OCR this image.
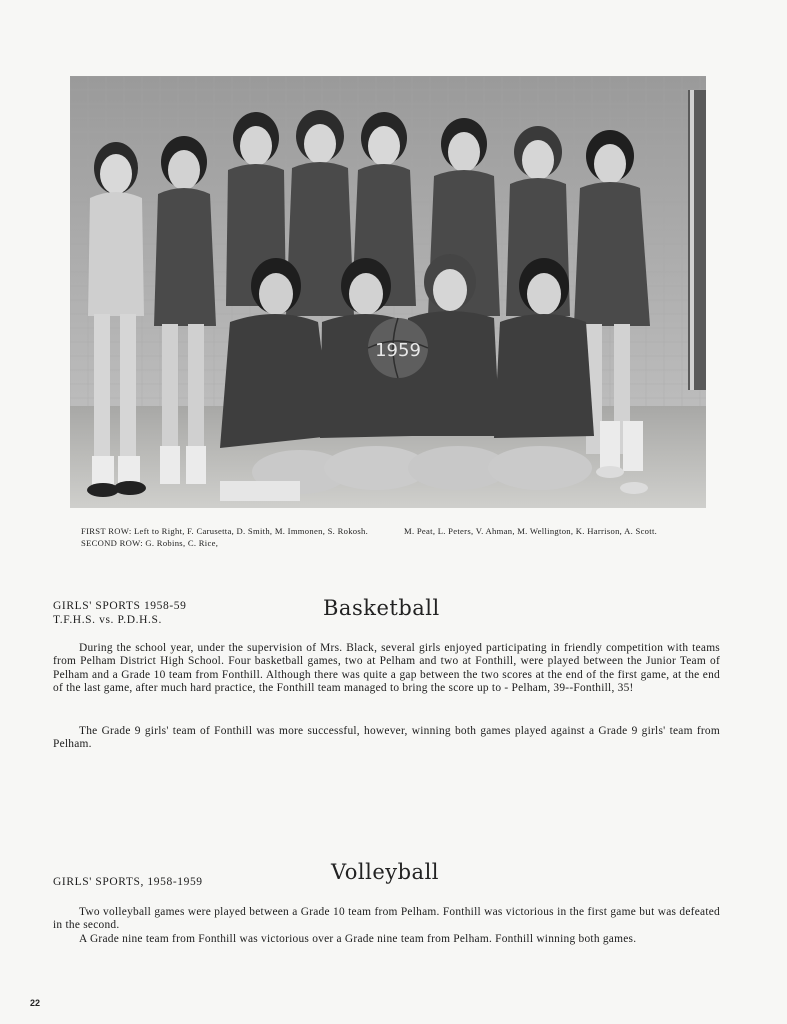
1959
FIRST ROW: Left to Right, F. Carusetta, D. Smith, M. Immonen, S. Rokosh. SECOND ROW: G. Robins, C. Rice,
M. Peat, L. Peters, V. Ahman, M. Wellington, K. Harrison, A. Scott.
GIRLS' SPORTS 1958-59
T.F.H.S. vs. P.D.H.S.	Basketball

During the school year, under the supervision of Mrs. Black, several girls enjoyed participating in friendly competition with teams from Pelham District High School. Four basketball games, two at Pelham and two at Fonthill, were played between the Junior Team of Pelham and a Grade 10 team from Fonthill. Although there was quite a gap between the two scores at the end of the first game, at the end of the last game, after much hard practice, the Fonthill team managed to bring the score up to - Pelham, 39--Fonthill, 35!

The Grade 9 girls' team of Fonthill was more successful, however, winning both games played against a Grade 9 girls' team from Pelham.

GIRLS' SPORTS, 1958-1959	Volleyball

Two volleyball games were played between a Grade 10 team from Pelham. Fonthill was victorious in the first game but was defeated in the second.

A Grade nine team from Fonthill was victorious over a Grade nine team from Pelham. Fonthill winning both games.

22
